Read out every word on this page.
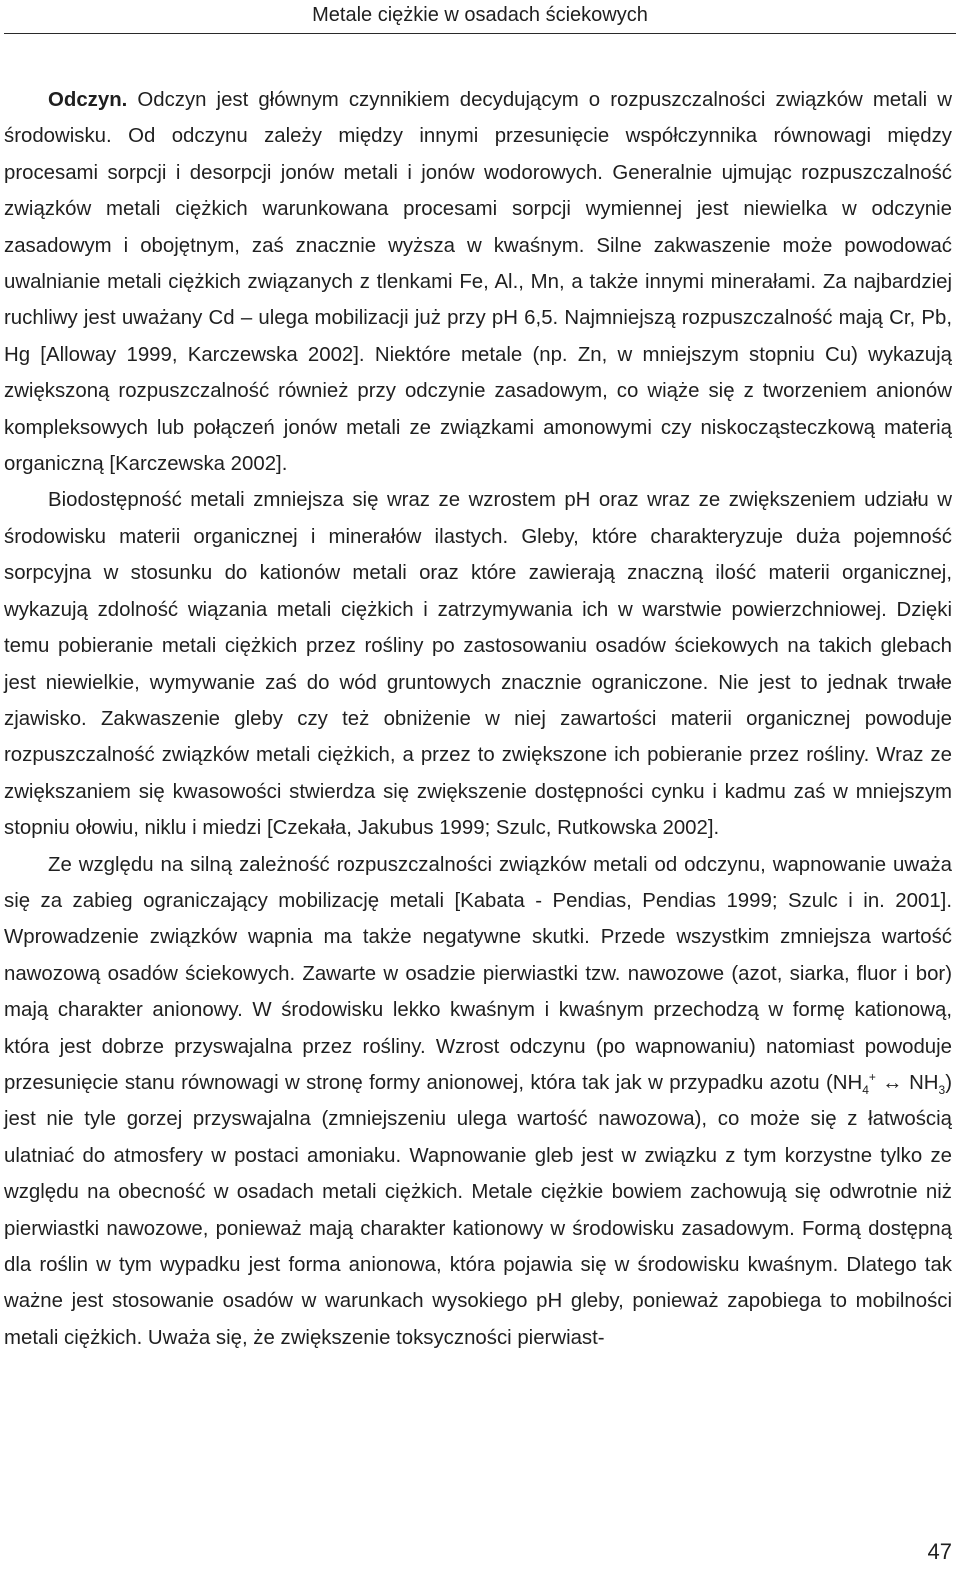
Metale ciężkie w osadach ściekowych

Odczyn. Odczyn jest głównym czynnikiem decydującym o rozpuszczalności związków metali w środowisku. Od odczynu zależy między innymi przesunięcie współczynnika równowagi między procesami sorpcji i desorpcji jonów metali i jonów wodorowych. Generalnie ujmując rozpuszczalność związków metali ciężkich warunkowana procesami sorpcji wymiennej jest niewielka w odczynie zasadowym i obojętnym, zaś znacznie wyższa w kwaśnym. Silne zakwaszenie może powodować uwalnianie metali ciężkich związanych z tlenkami Fe, Al., Mn, a także innymi minerałami. Za najbardziej ruchliwy jest uważany Cd – ulega mobilizacji już przy pH 6,5. Najmniejszą rozpuszczalność mają Cr, Pb, Hg [Alloway 1999, Karczewska 2002]. Niektóre metale (np. Zn, w mniejszym stopniu Cu) wykazują zwiększoną rozpuszczalność również przy odczynie zasadowym, co wiąże się z tworzeniem anionów kompleksowych lub połączeń jonów metali ze związkami amonowymi czy niskocząsteczkową materią organiczną [Karczewska 2002].

Biodostępność metali zmniejsza się wraz ze wzrostem pH oraz wraz ze zwiększeniem udziału w środowisku materii organicznej i minerałów ilastych. Gleby, które charakteryzuje duża pojemność sorpcyjna w stosunku do kationów metali oraz które zawierają znaczną ilość materii organicznej, wykazują zdolność wiązania metali ciężkich i zatrzymywania ich w warstwie powierzchniowej. Dzięki temu pobieranie metali ciężkich przez rośliny po zastosowaniu osadów ściekowych na takich glebach jest niewielkie, wymywanie zaś do wód gruntowych znacznie ograniczone. Nie jest to jednak trwałe zjawisko. Zakwaszenie gleby czy też obniżenie w niej zawartości materii organicznej powoduje rozpuszczalność związków metali ciężkich, a przez to zwiększone ich pobieranie przez rośliny. Wraz ze zwiększaniem się kwasowości stwierdza się zwiększenie dostępności cynku i kadmu zaś w mniejszym stopniu ołowiu, niklu i miedzi [Czekała, Jakubus 1999; Szulc, Rutkowska 2002].

Ze względu na silną zależność rozpuszczalności związków metali od odczynu, wapnowanie uważa się za zabieg ograniczający mobilizację metali [Kabata - Pendias, Pendias 1999; Szulc i in. 2001]. Wprowadzenie związków wapnia ma także negatywne skutki. Przede wszystkim zmniejsza wartość nawozową osadów ściekowych. Zawarte w osadzie pierwiastki tzw. nawozowe (azot, siarka, fluor i bor) mają charakter anionowy. W środowisku lekko kwaśnym i kwaśnym przechodzą w formę kationową, która jest dobrze przyswajalna przez rośliny. Wzrost odczynu (po wapnowaniu) natomiast powoduje przesunięcie stanu równowagi w stronę formy anionowej, która tak jak w przypadku azotu ($NH_4^+$ ↔ $NH_3$) jest nie tyle gorzej przyswajalna (zmniejszeniu ulega wartość nawozowa), co może się z łatwością ulatniać do atmosfery w postaci amoniaku. Wapnowanie gleb jest w związku z tym korzystne tylko ze względu na obecność w osadach metali ciężkich. Metale ciężkie bowiem zachowują się odwrotnie niż pierwiastki nawozowe, ponieważ mają charakter kationowy w środowisku zasadowym. Formą dostępną dla roślin w tym wypadku jest forma anionowa, która pojawia się w środowisku kwaśnym. Dlatego tak ważne jest stosowanie osadów w warunkach wysokiego pH gleby, ponieważ zapobiega to mobilności metali ciężkich. Uważa się, że zwiększenie toksyczności pierwiast-

47
